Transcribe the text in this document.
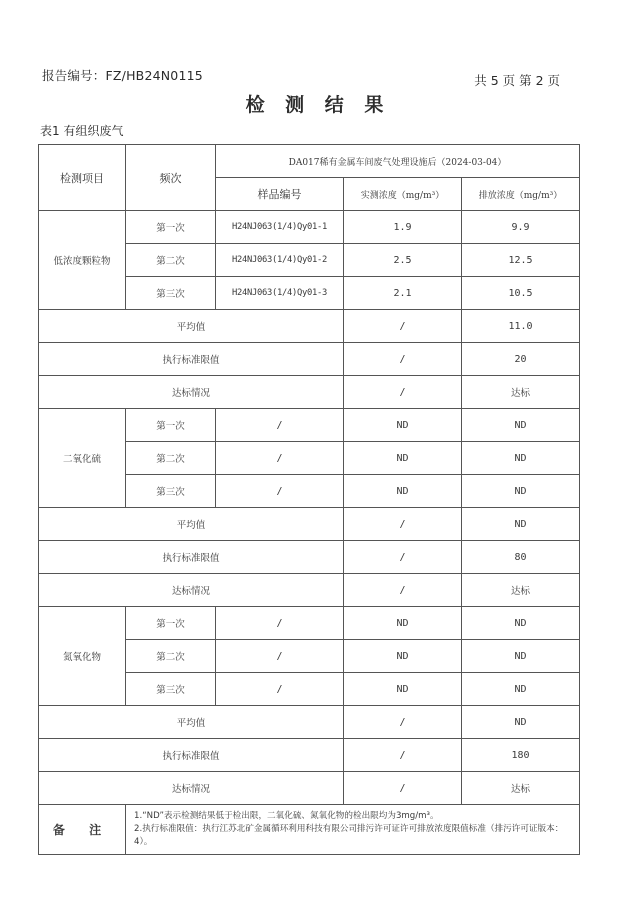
报告编号：FZ/HB24N0115	共 5 页 第 2 页
检 测 结 果
表1 有组织废气
检测项目	频次	DA017稀有金属车间废气处理设施后（2024-03-04）		
		样品编号	实测浓度（mg/m³）	排放浓度（mg/m³）
低浓度颗粒物	第一次	H24NJ063(1/4)Qy01-1	1.9	9.9
	第二次	H24NJ063(1/4)Qy01-2	2.5	12.5
	第三次	H24NJ063(1/4)Qy01-3	2.1	10.5
平均值			/	11.0
执行标准限值			/	20
达标情况			/	达标
二氧化硫	第一次	/	ND	ND
	第二次	/	ND	ND
	第三次	/	ND	ND
平均值			/	ND
执行标准限值			/	80
达标情况			/	达标
氮氧化物	第一次	/	ND	ND
	第二次	/	ND	ND
	第三次	/	ND	ND
平均值			/	ND
执行标准限值			/	180
达标情况			/	达标
备 注	1.“ND”表示检测结果低于检出限，二氧化硫、氮氧化物的检出限均为3mg/m³。
2.执行标准限值：执行江苏北矿金属循环利用科技有限公司排污许可证许可排放浓度限值标准（排污许可证版本：4）。			
